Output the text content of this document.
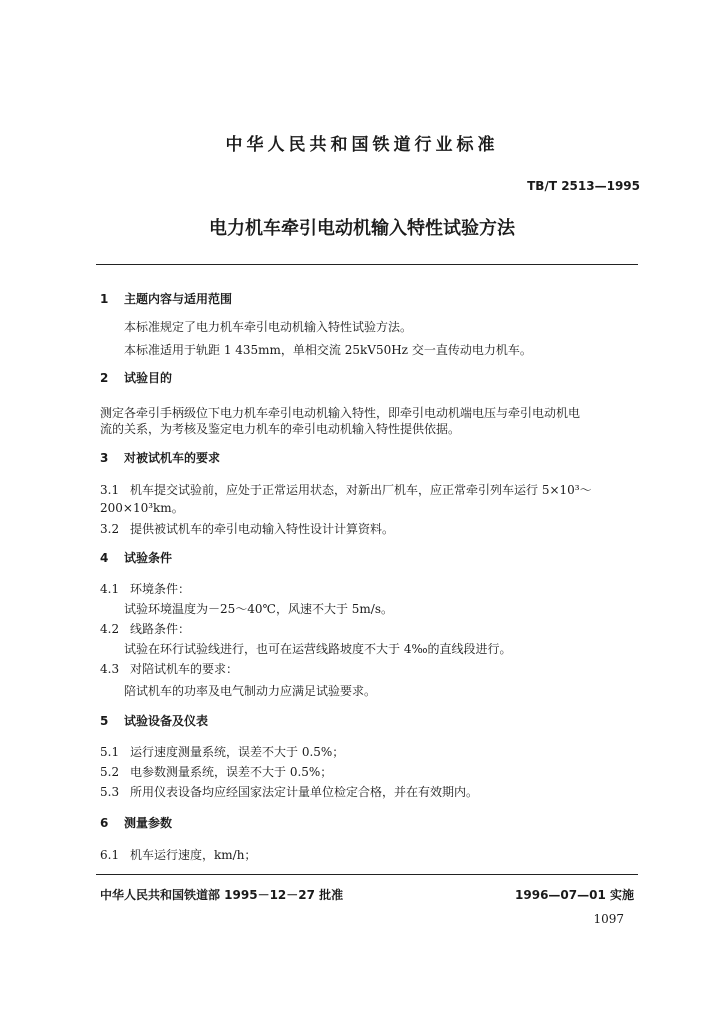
中华人民共和国铁道行业标准
TB/T 2513—1995
电力机车牵引电动机输入特性试验方法
1 主题内容与适用范围
本标准规定了电力机车牵引电动机输入特性试验方法。
本标准适用于轨距 1 435mm，单相交流 25kV50Hz 交一直传动电力机车。
2 试验目的
测定各牵引手柄级位下电力机车牵引电动机输入特性，即牵引电动机端电压与牵引电动机电
流的关系，为考核及鉴定电力机车的牵引电动机输入特性提供依据。
3 对被试机车的要求
3.1 机车提交试验前，应处于正常运用状态，对新出厂机车，应正常牵引列车运行 5×10³～
200×10³km。
3.2 提供被试机车的牵引电动输入特性设计计算资料。
4 试验条件
4.1 环境条件：
试验环境温度为－25～40℃，风速不大于 5m/s。
4.2 线路条件：
试验在环行试验线进行，也可在运营线路坡度不大于 4‰的直线段进行。
4.3 对陪试机车的要求：
陪试机车的功率及电气制动力应满足试验要求。
5 试验设备及仪表
5.1 运行速度测量系统，误差不大于 0.5%；
5.2 电参数测量系统，误差不大于 0.5%；
5.3 所用仪表设备均应经国家法定计量单位检定合格，并在有效期内。
6 测量参数
6.1 机车运行速度，km/h；
中华人民共和国铁道部 1995－12－27 批准	1996—07—01 实施
1097
